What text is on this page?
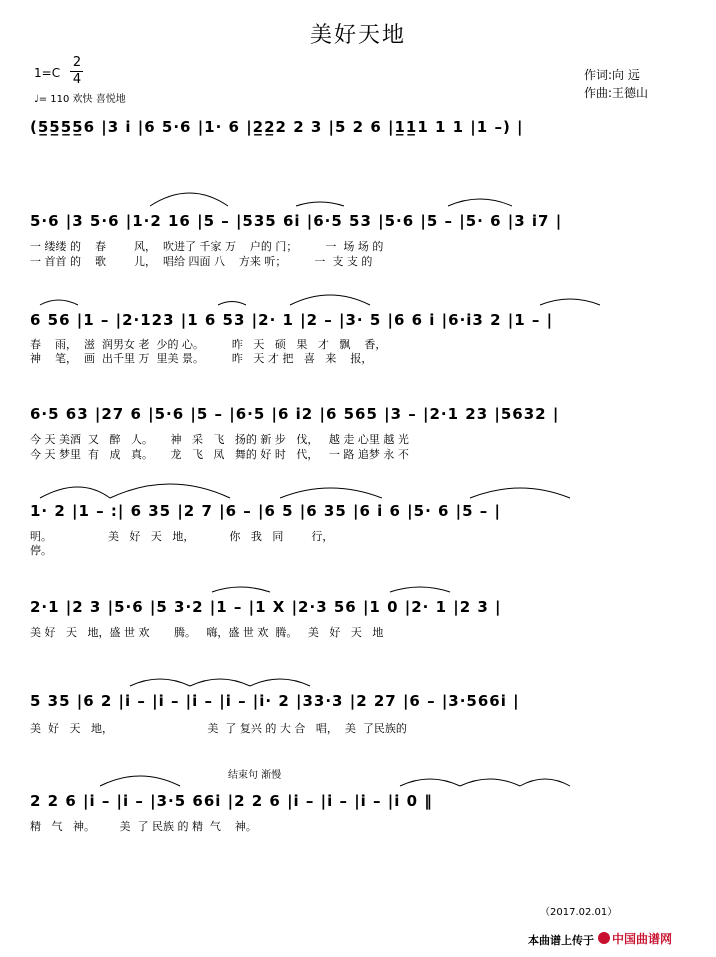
美好天地
1=C
2
4
♩= 110 欢快 喜悦地
作词:向 远
作曲:王德山
(5̲5̲5̲5̲6 |3 i |6 5·6 |1· 6 |2̲2̲2 2 3 |5 2 6 |1̲1̲1 1 1 |1 –) |
5·6 |3 5·6 |1·2 16 |5 – |535 6i |6·5 53 |5·6 |5 – |5· 6 |3 i7 |
一 缕缕 的    春        风，  吹进了 千家 万    户的 门；        一  场 场 的
一 首首 的    歌        儿，  唱给 四面 八    方来 听；        一  支 支 的
6 56 |1 – |2·123 |1 6 53 |2· 1 |2 – |3· 5 |6 6 i |6·i3 2 |1 – |
春    雨，  滋  润男女 老  少的 心。        昨   天   硕   果   才   飘    香，
神    笔，  画  出千里 万  里美 景。        昨   天 才 把   喜   来    报，
6·5 63 |27 6 |5·6 |5 – |6·5 |6 i2 |6 565 |3 – |2·1 23 |5632 |
今 天 美酒  又   醉   人。     神   采   飞   扬的 新 步   伐，   越 走 心里 越 光
今 天 梦里  有   成   真。     龙   飞   凤   舞的 好 时   代，   一 路 追梦 永 不
1· 2 |1 – :| 6 35 |2 7 |6 – |6 5 |6 35 |6 i 6 |5· 6 |5 – |
明。                美   好   天   地，          你   我   同        行，
停。
2·1 |2 3 |5·6 |5 3·2 |1 – |1 X |2·3 56 |1 0 |2· 1 |2 3 |
美 好   天   地，盛 世 欢       腾。   嗨，盛 世 欢  腾。   美   好   天   地
5 35 |6 2 |i – |i – |i – |i – |i· 2 |33·3 |2 27 |6 – |3·566i |
美  好   天   地，                           美  了 复兴 的 大 合   唱，  美  了民族的
结束句 渐慢
2 2 6 |i – |i – |3·5 66i |2 2 6 |i – |i – |i – |i 0 ‖
精   气   神。       美  了 民族 的 精  气    神。
（2017.02.01）
本曲谱上传于 中国曲谱网
